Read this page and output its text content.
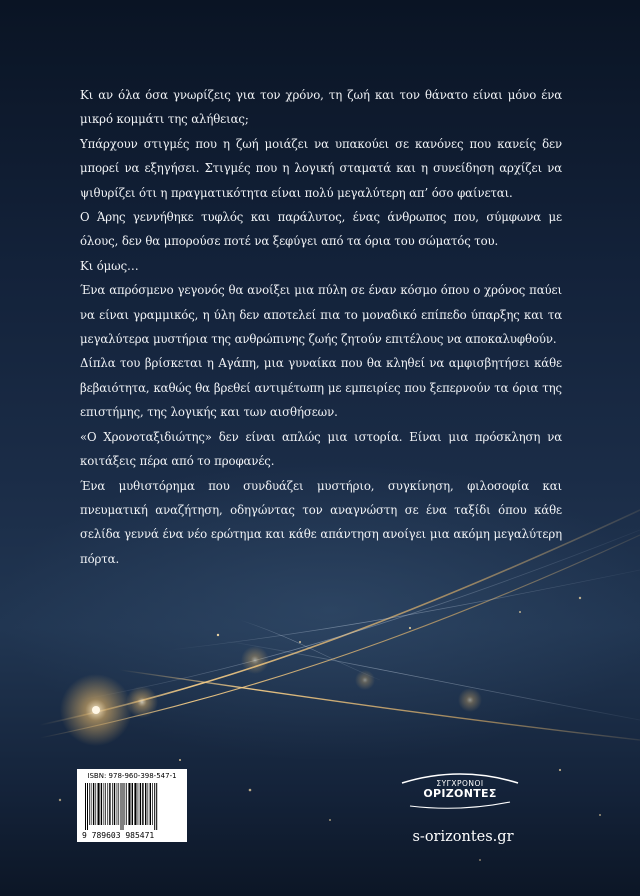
Κι αν όλα όσα γνωρίζεις για τον χρόνο, τη ζωή και τον θάνατο είναι μόνο ένα μικρό κομμάτι της αλήθειας;

Υπάρχουν στιγμές που η ζωή μοιάζει να υπακούει σε κανόνες που κανείς δεν μπορεί να εξηγήσει. Στιγμές που η λογική σταματά και η συνείδηση αρχίζει να ψιθυρίζει ότι η πραγματικότητα είναι πολύ μεγαλύτερη απ’ όσο φαίνεται.

Ο Άρης γεννήθηκε τυφλός και παράλυτος, ένας άνθρωπος που, σύμφωνα με όλους, δεν θα μπορούσε ποτέ να ξεφύγει από τα όρια του σώματός του.

Κι όμως…

Ένα απρόσμενο γεγονός θα ανοίξει μια πύλη σε έναν κόσμο όπου ο χρόνος παύει να είναι γραμμικός, η ύλη δεν αποτελεί πια το μοναδικό επίπεδο ύπαρξης και τα μεγαλύτερα μυστήρια της ανθρώπινης ζωής ζητούν επιτέλους να αποκαλυφθούν.

Δίπλα του βρίσκεται η Αγάπη, μια γυναίκα που θα κληθεί να αμφισβητήσει κάθε βεβαιότητα, καθώς θα βρεθεί αντιμέτωπη με εμπειρίες που ξεπερνούν τα όρια της επιστήμης, της λογικής και των αισθήσεων.

«Ο Χρονοταξιδιώτης» δεν είναι απλώς μια ιστορία. Είναι μια πρόσκληση να κοιτάξεις πέρα από το προφανές.

Ένα μυθιστόρημα που συνδυάζει μυστήριο, συγκίνηση, φιλοσοφία και πνευματική αναζήτηση, οδηγώντας τον αναγνώστη σε ένα ταξίδι όπου κάθε σελίδα γεννά ένα νέο ερώτημα και κάθε απάντηση ανοίγει μια ακόμη μεγαλύτερη πόρτα.

ISBN: 978-960-398-547-1
9 789603 985471
ΣΥΓΧΡΟΝΟΙ
ΟΡΙΖΟΝΤΕΣ
s-orizontes.gr
